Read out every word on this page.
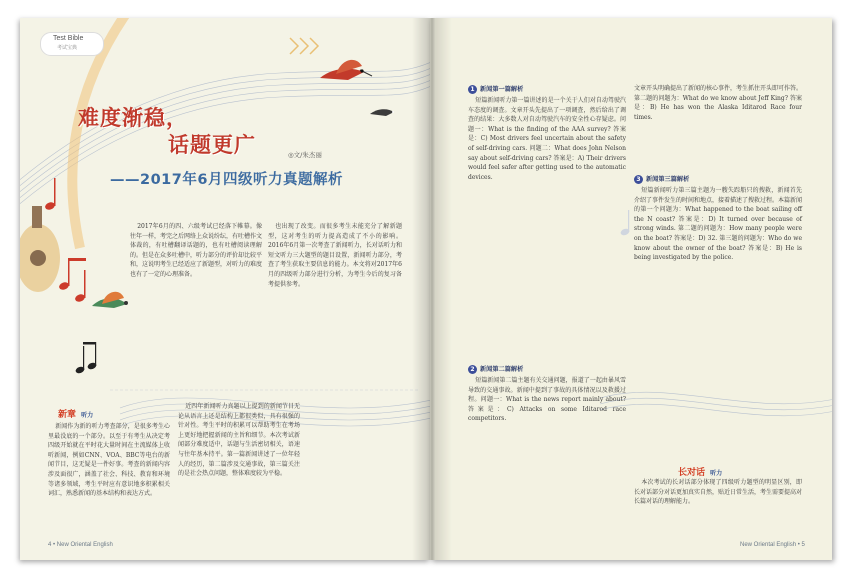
Test Bible
考试宝典
难度渐稳，
话题更广	◎文/朱杰丽
——2017年6月四级听力真题解析

2017年6月的四、六级考试已经落下帷幕。像往年一样，考完之后网络上众说纷纭，有吐槽作文体裁的，有吐槽翻译话题的，也有吐槽阅读理解的。但是在众多吐槽中，听力部分的评价却比较平和，这说明考生已经适应了新题型，对听力的难度也有了一定的心理准备。

也出现了改变。而很多考生未能充分了解新题型，这对考生的听力提高造成了不小的影响。2016年6月第一次考查了新闻听力，长对话听力和短文听力三大题型的题目设置，新闻听力部分，考查了考生获取主要信息的能力。本文将对2017年6月的四级听力部分进行分析，为考生今后的复习备考提供参考。

新章 听力

新闻作为新的听力考查部分，是很多考生心里最没底的一个部分。以至于有考生从决定考四级开始就在平时花大量时间在主流媒体上收听新闻，例如CNN、VOA、BBC等电台的新闻节目，这无疑是一件好事。考查的新闻内容涉及面很广，涵盖了社会、科技、教育和环境等诸多领域，考生平时应有意识地多积累相关词汇，熟悉新闻的基本结构和表达方式。

近四年新闻听力真题以上提到的新闻节目无论从语言上还是结构上都很类似，具有很强的针对性。考生平时的积累可以帮助考生在考场上更好地把握新闻的主旨和细节。本次考试新闻部分难度适中，话题与生活密切相关，语速与往年基本持平。第一篇新闻讲述了一位年轻人的经历，第二篇涉及交通事故，第三篇关注的是社会热点问题，整体难度较为平稳。

4 • New Oriental English
1 新闻第一篇解析

短篇新闻听力第一篇讲述的是一个关于人们对自动驾驶汽车态度的调查。文章开头先提出了一项调查，然后给出了调查的结果：大多数人对自动驾驶汽车的安全性心存疑虑。问题一：What is the finding of the AAA survey? 答案是：C) Most drivers feel uncertain about the safety of self-driving cars. 问题二：What does John Nelson say about self-driving cars? 答案是：A) Their drivers would feel safer after getting used to the automatic devices.

2 新闻第二篇解析

短篇新闻第二篇主题有关交通问题，报道了一起由暴风雪导致的交通事故。新闻中提到了事故的具体情况以及救援过程。问题一：What is the news report mainly about? 答案是：C) Attacks on some Iditarod race competitors.

文章开头明确提出了新闻的核心事件，考生抓住开头即可作答。第二题的问题为：What do we know about Jeff King? 答案是：B) He has won the Alaska Iditarod Race four times.

3 新闻第三篇解析

短篇新闻听力第三篇主题为一艘失踪船只的搜救，新闻首先介绍了事件发生的时间和地点，接着描述了搜救过程。本篇新闻的第一个问题为：What happened to the boat sailing off the N coast? 答案是：D) It turned over because of strong winds. 第二题的问题为：How many people were on the boat? 答案是：D) 32. 第三题的问题为：Who do we know about the owner of the boat? 答案是：B) He is being investigated by the police.

长对话 听力

本次考试的长对话部分体现了四级听力题型的明显区别，即长对话部分对话更加真实自然，贴近日常生活，考生需要提高对长篇对话的理解能力。

New Oriental English • 5
